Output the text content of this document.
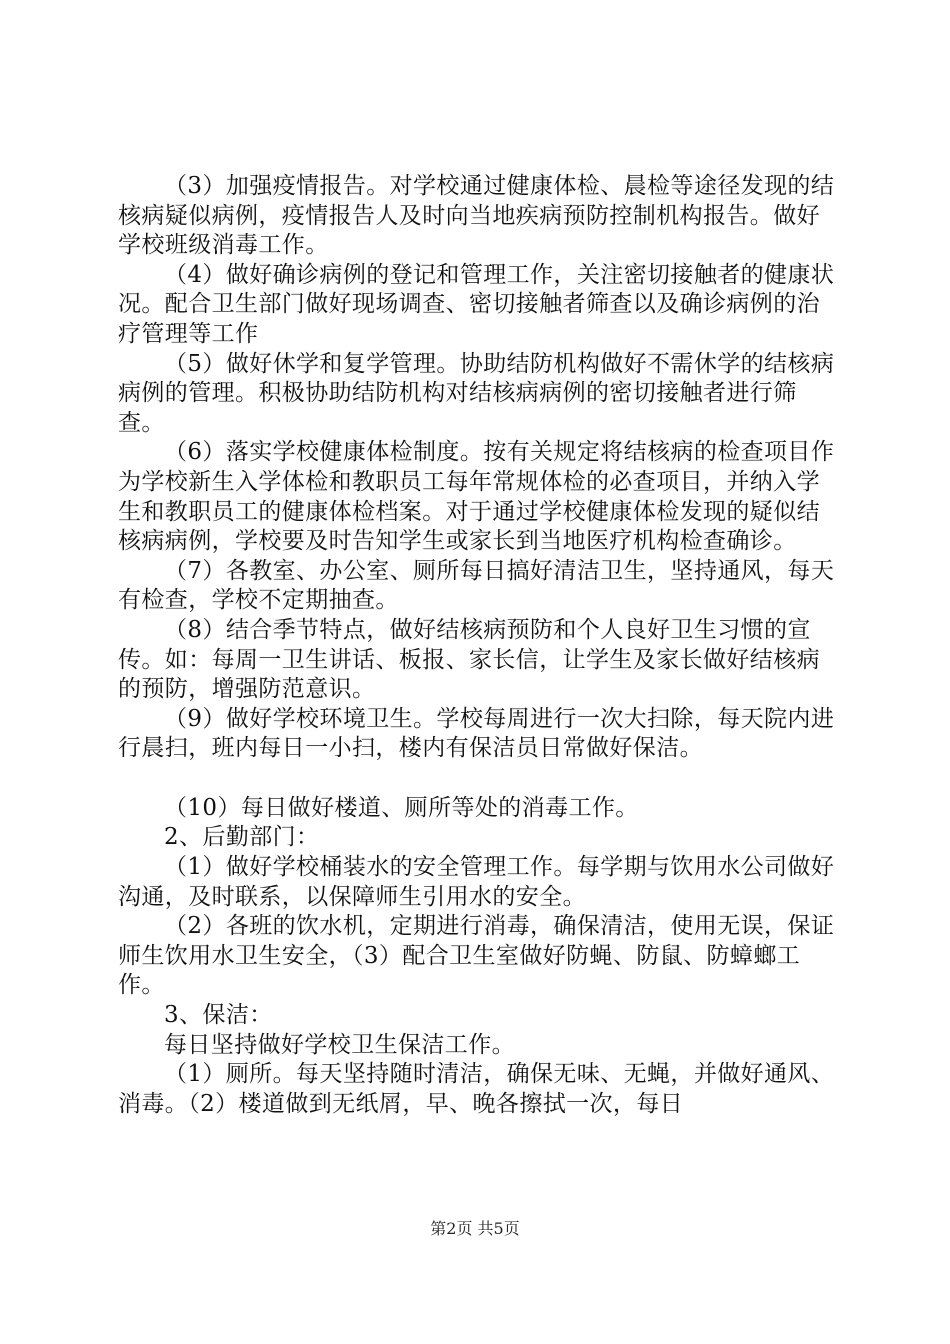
（3）加强疫情报告。对学校通过健康体检、晨检等途径发现的结核病疑似病例，疫情报告人及时向当地疾病预防控制机构报告。做好学校班级消毒工作。

（4）做好确诊病例的登记和管理工作，关注密切接触者的健康状况。配合卫生部门做好现场调查、密切接触者筛查以及确诊病例的治疗管理等工作

（5）做好休学和复学管理。协助结防机构做好不需休学的结核病病例的管理。积极协助结防机构对结核病病例的密切接触者进行筛查。

（6）落实学校健康体检制度。按有关规定将结核病的检查项目作为学校新生入学体检和教职员工每年常规体检的必查项目，并纳入学生和教职员工的健康体检档案。对于通过学校健康体检发现的疑似结核病病例，学校要及时告知学生或家长到当地医疗机构检查确诊。

（7）各教室、办公室、厕所每日搞好清洁卫生，坚持通风，每天有检查，学校不定期抽查。

（8）结合季节特点，做好结核病预防和个人良好卫生习惯的宣传。如：每周一卫生讲话、板报、家长信，让学生及家长做好结核病的预防，增强防范意识。

（9）做好学校环境卫生。学校每周进行一次大扫除，每天院内进行晨扫，班内每日一小扫，楼内有保洁员日常做好保洁。

（10）每日做好楼道、厕所等处的消毒工作。

2、后勤部门：

（1）做好学校桶装水的安全管理工作。每学期与饮用水公司做好沟通，及时联系，以保障师生引用水的安全。

（2）各班的饮水机，定期进行消毒，确保清洁，使用无误，保证师生饮用水卫生安全，（3）配合卫生室做好防蝇、防鼠、防蟑螂工作。

3、保洁：

每日坚持做好学校卫生保洁工作。

（1）厕所。每天坚持随时清洁，确保无味、无蝇，并做好通风、消毒。（2）楼道做到无纸屑，早、晚各擦拭一次，每日

第2页 共5页
